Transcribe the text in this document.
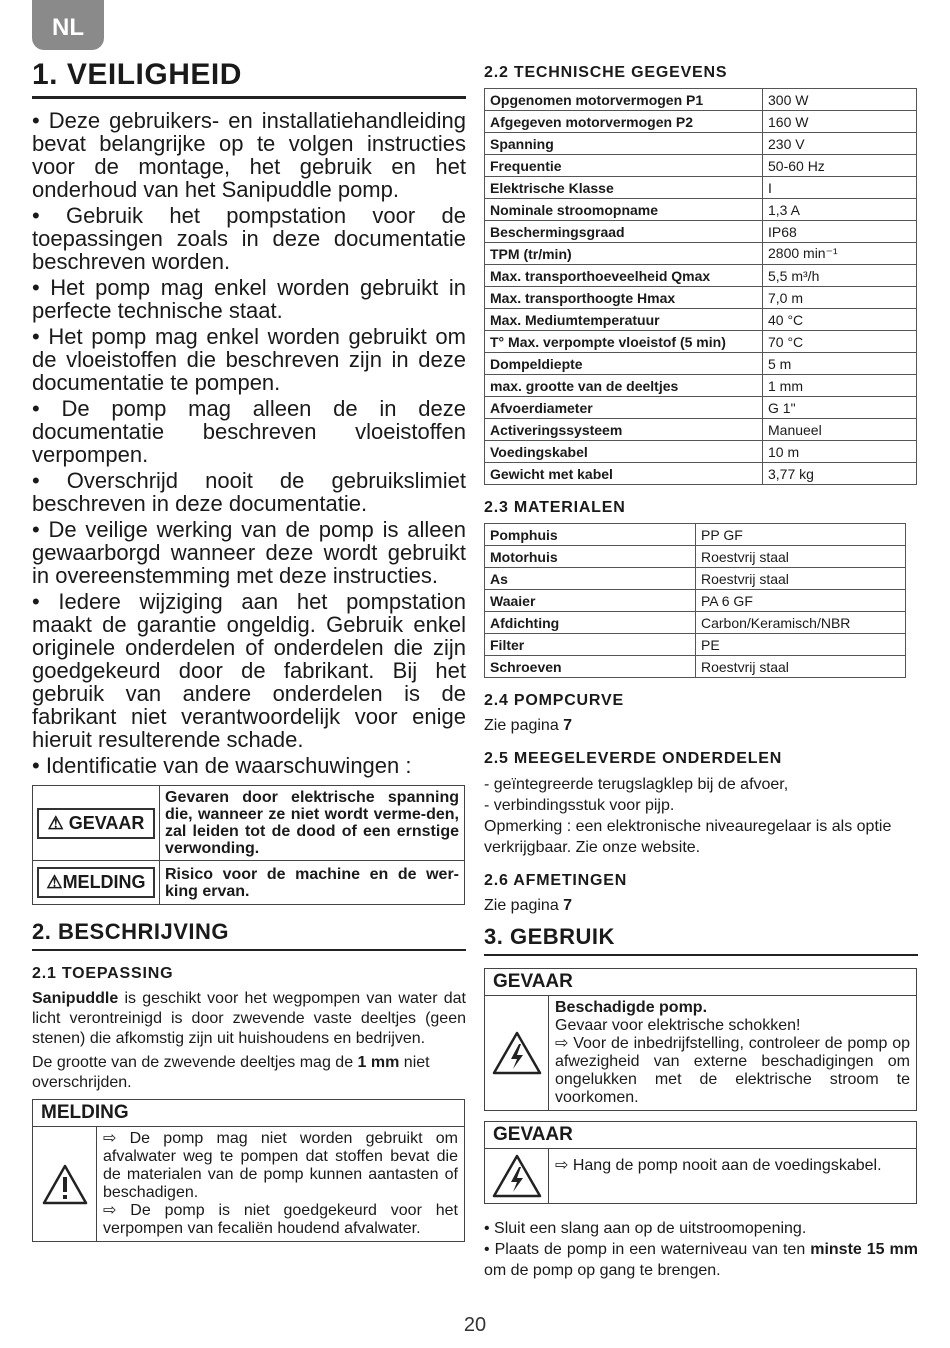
NL
1. VEILIGHEID

• Deze gebruikers- en installatiehandleiding bevat belangrijke op te volgen instructies voor de montage, het gebruik en het onderhoud van het Sanipuddle pomp.

• Gebruik het pompstation voor de toepassingen zoals in deze documentatie beschreven worden.

• Het pomp mag enkel worden gebruikt in perfecte technische staat.

• Het pomp mag enkel worden gebruikt om de vloeistoffen die beschreven zijn in deze documentatie te pompen.

• De pomp mag alleen de in deze documentatie beschreven vloeistoffen verpompen.

• Overschrijd nooit de gebruikslimiet beschreven in deze documentatie.

• De veilige werking van de pomp is alleen gewaarborgd wanneer deze wordt gebruikt in overeenstemming met deze instructies.

• Iedere wijziging aan het pompstation maakt de garantie ongeldig. Gebruik enkel originele onderdelen of onderdelen die zijn goedgekeurd door de fabrikant. Bij het gebruik van andere onderdelen is de fabrikant niet verantwoordelijk voor enige hieruit resulterende schade.

• Identificatie van de waarschuwingen :

⚠ GEVAAR	Gevaren door elektrische spanning die, wanneer ze niet wordt verme-den, zal leiden tot de dood of een ernstige verwonding.
⚠MELDING	Risico voor de machine en de wer-king ervan.
2. BESCHRIJVING
2.1 TOEPASSING

Sanipuddle is geschikt voor het wegpompen van water dat licht verontreinigd is door zwevende vaste deeltjes (geen stenen) die afkomstig zijn uit huishoudens en bedrijven.

De grootte van de zwevende deeltjes mag de 1 mm niet overschrijden.

MELDING

⇨ De pomp mag niet worden gebruikt om afvalwater weg te pompen dat stoffen bevat die de materialen van de pomp kunnen aantasten of beschadigen.

⇨ De pomp is niet goedgekeurd voor het verpompen van fecaliën houdend afvalwater.

2.2 TECHNISCHE GEGEVENS
Opgenomen motorvermogen P1	300 W
Afgegeven motorvermogen P2	160 W
Spanning	230 V
Frequentie	50-60 Hz
Elektrische Klasse	I
Nominale stroomopname	1,3 A
Beschermingsgraad	IP68
TPM (tr/min)	2800 min⁻¹
Max. transporthoeveelheid Qmax	5,5 m³/h
Max. transporthoogte Hmax	7,0 m
Max. Mediumtemperatuur	40 °C
T° Max. verpompte vloeistof (5 min)	70 °C
Dompeldiepte	5 m
max. grootte van de deeltjes	1 mm
Afvoerdiameter	G 1"
Activeringssysteem	Manueel
Voedingskabel	10 m
Gewicht met kabel	3,77 kg
2.3 MATERIALEN
Pomphuis	PP GF
Motorhuis	Roestvrij staal
As	Roestvrij staal
Waaier	PA 6 GF
Afdichting	Carbon/Keramisch/NBR
Filter	PE
Schroeven	Roestvrij staal
2.4 POMPCURVE

Zie pagina 7

2.5 MEEGELEVERDE ONDERDELEN

- geïntegreerde terugslagklep bij de afvoer,

- verbindingsstuk voor pijp.

Opmerking : een elektronische niveauregelaar is als optie verkrijgbaar. Zie onze website.

2.6 AFMETINGEN

Zie pagina 7

3. GEBRUIK
GEVAAR

Beschadigde pomp.

Gevaar voor elektrische schokken!

⇨ Voor de inbedrijfstelling, controleer de pomp op afwezigheid van externe beschadigingen om ongelukken met de elektrische stroom te voorkomen.

GEVAAR

⇨ Hang de pomp nooit aan de voedingskabel.

• Sluit een slang aan op de uitstroomopening.

• Plaats de pomp in een waterniveau van ten minste 15 mm om de pomp op gang te brengen.

20
